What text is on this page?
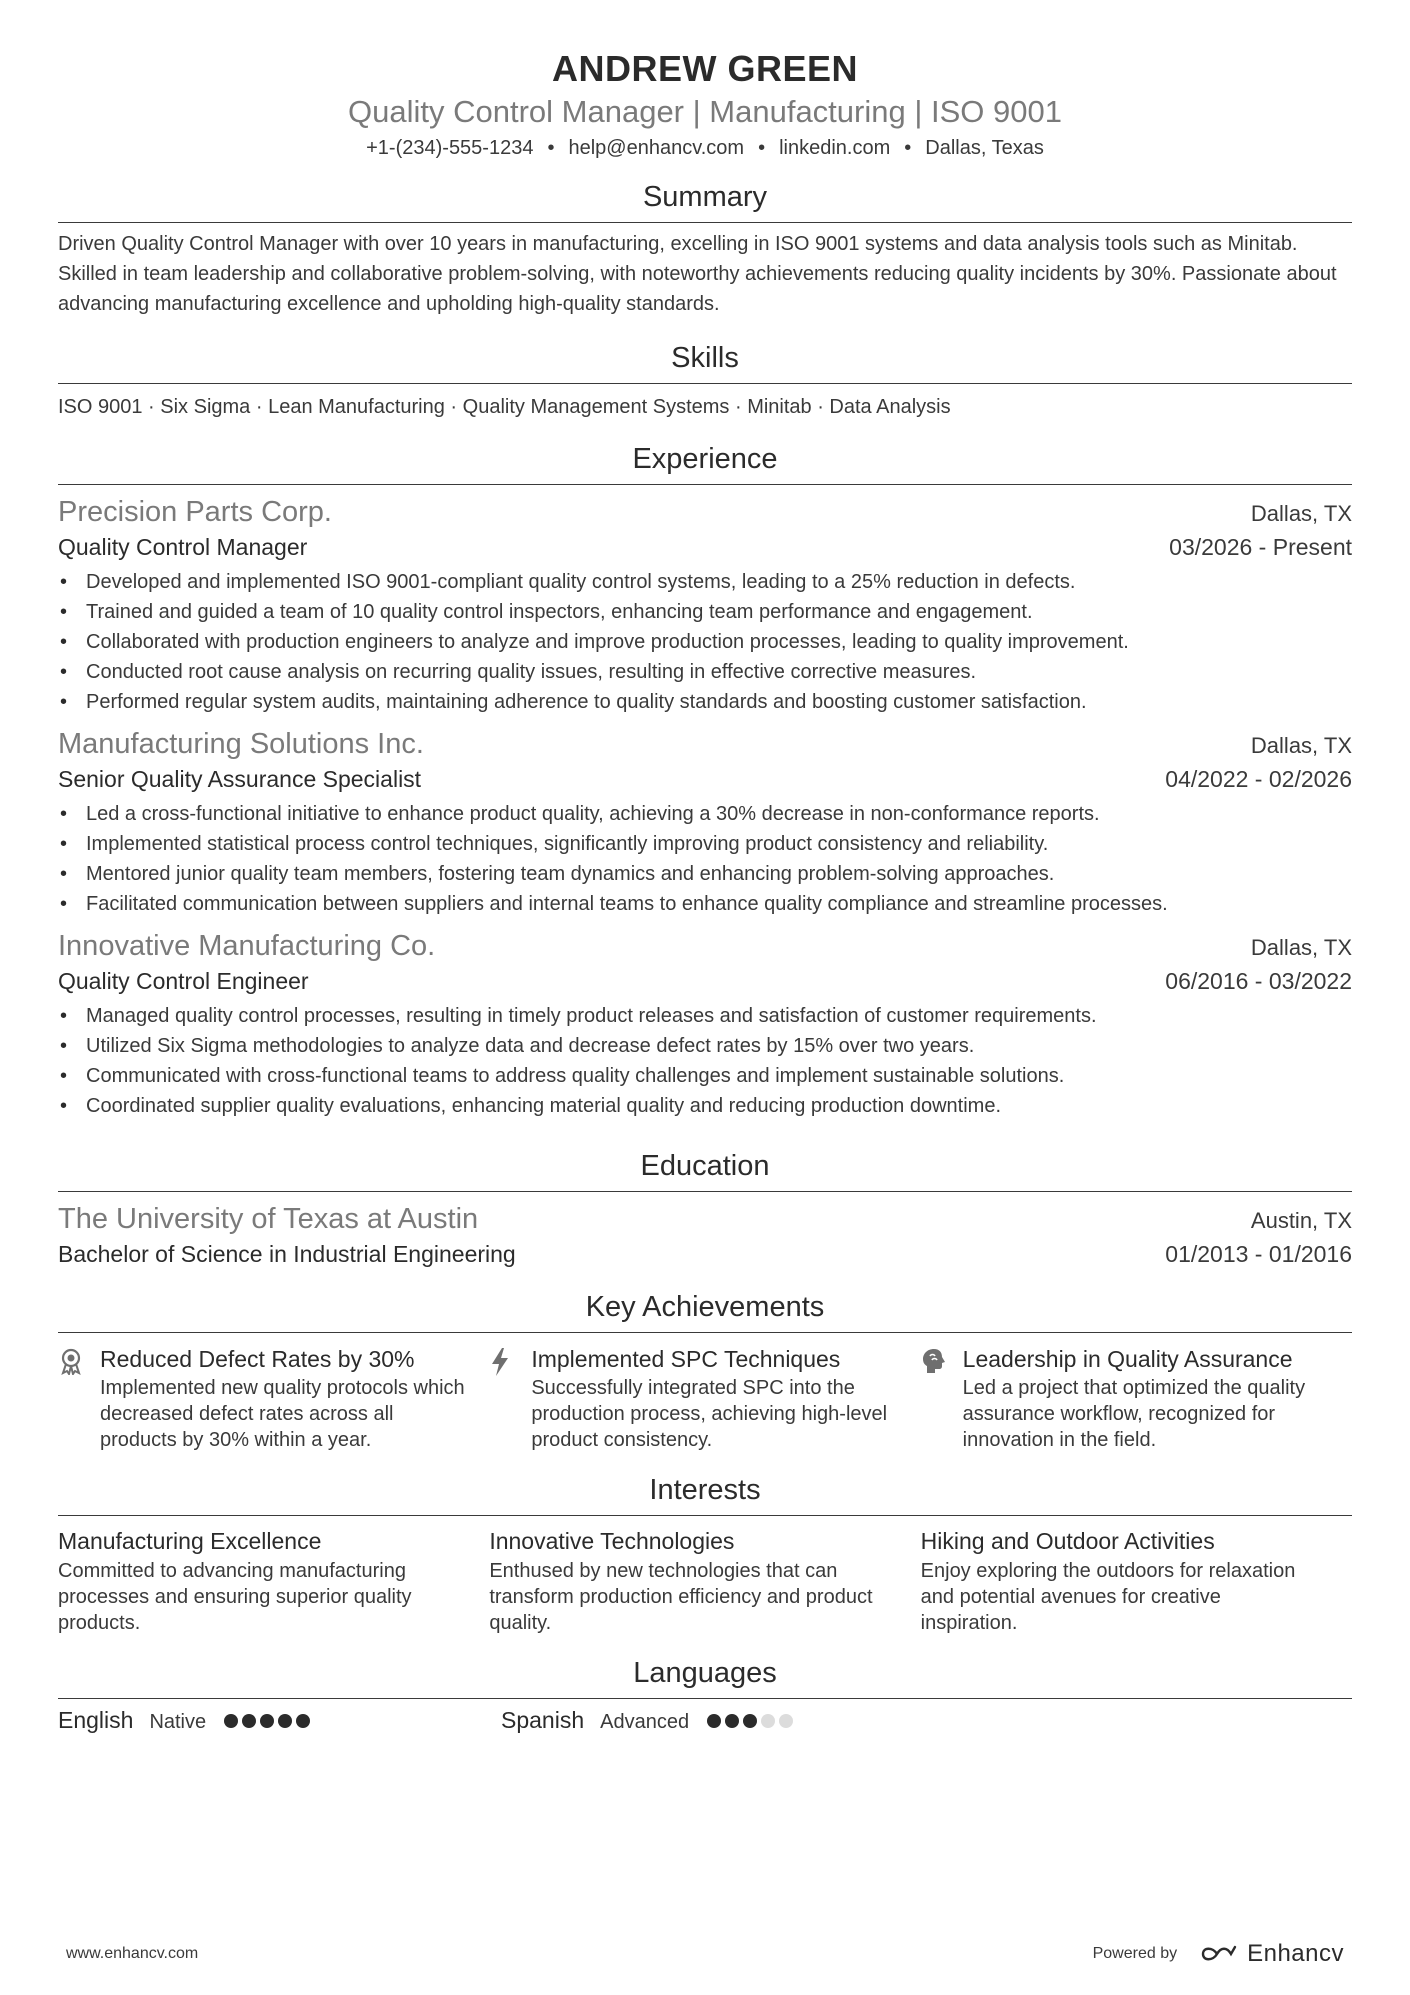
ANDREW GREEN
Quality Control Manager | Manufacturing | ISO 9001
+1-(234)-555-1234 • help@enhancv.com • linkedin.com • Dallas, Texas
Summary
Driven Quality Control Manager with over 10 years in manufacturing, excelling in ISO 9001 systems and data analysis tools such as Minitab. Skilled in team leadership and collaborative problem-solving, with noteworthy achievements reducing quality incidents by 30%. Passionate about advancing manufacturing excellence and upholding high-quality standards.
Skills
ISO 9001 · Six Sigma · Lean Manufacturing · Quality Management Systems · Minitab · Data Analysis
Experience
Precision Parts Corp.	Dallas, TX
Quality Control Manager	03/2026 - Present
• Developed and implemented ISO 9001-compliant quality control systems, leading to a 25% reduction in defects.
• Trained and guided a team of 10 quality control inspectors, enhancing team performance and engagement.
• Collaborated with production engineers to analyze and improve production processes, leading to quality improvement.
• Conducted root cause analysis on recurring quality issues, resulting in effective corrective measures.
• Performed regular system audits, maintaining adherence to quality standards and boosting customer satisfaction.
Manufacturing Solutions Inc.	Dallas, TX
Senior Quality Assurance Specialist	04/2022 - 02/2026
• Led a cross-functional initiative to enhance product quality, achieving a 30% decrease in non-conformance reports.
• Implemented statistical process control techniques, significantly improving product consistency and reliability.
• Mentored junior quality team members, fostering team dynamics and enhancing problem-solving approaches.
• Facilitated communication between suppliers and internal teams to enhance quality compliance and streamline processes.
Innovative Manufacturing Co.	Dallas, TX
Quality Control Engineer	06/2016 - 03/2022
• Managed quality control processes, resulting in timely product releases and satisfaction of customer requirements.
• Utilized Six Sigma methodologies to analyze data and decrease defect rates by 15% over two years.
• Communicated with cross-functional teams to address quality challenges and implement sustainable solutions.
• Coordinated supplier quality evaluations, enhancing material quality and reducing production downtime.
Education
The University of Texas at Austin	Austin, TX
Bachelor of Science in Industrial Engineering	01/2013 - 01/2016
Key Achievements
Reduced Defect Rates by 30%
Implemented new quality protocols which decreased defect rates across all products by 30% within a year.
Implemented SPC Techniques
Successfully integrated SPC into the production process, achieving high-level product consistency.
Leadership in Quality Assurance
Led a project that optimized the quality assurance workflow, recognized for innovation in the field.
Interests
Manufacturing Excellence
Committed to advancing manufacturing processes and ensuring superior quality products.
Innovative Technologies
Enthused by new technologies that can transform production efficiency and product quality.
Hiking and Outdoor Activities
Enjoy exploring the outdoors for relaxation and potential avenues for creative inspiration.
Languages
English Native	Spanish Advanced
www.enhancv.com	Powered by	Enhancv
